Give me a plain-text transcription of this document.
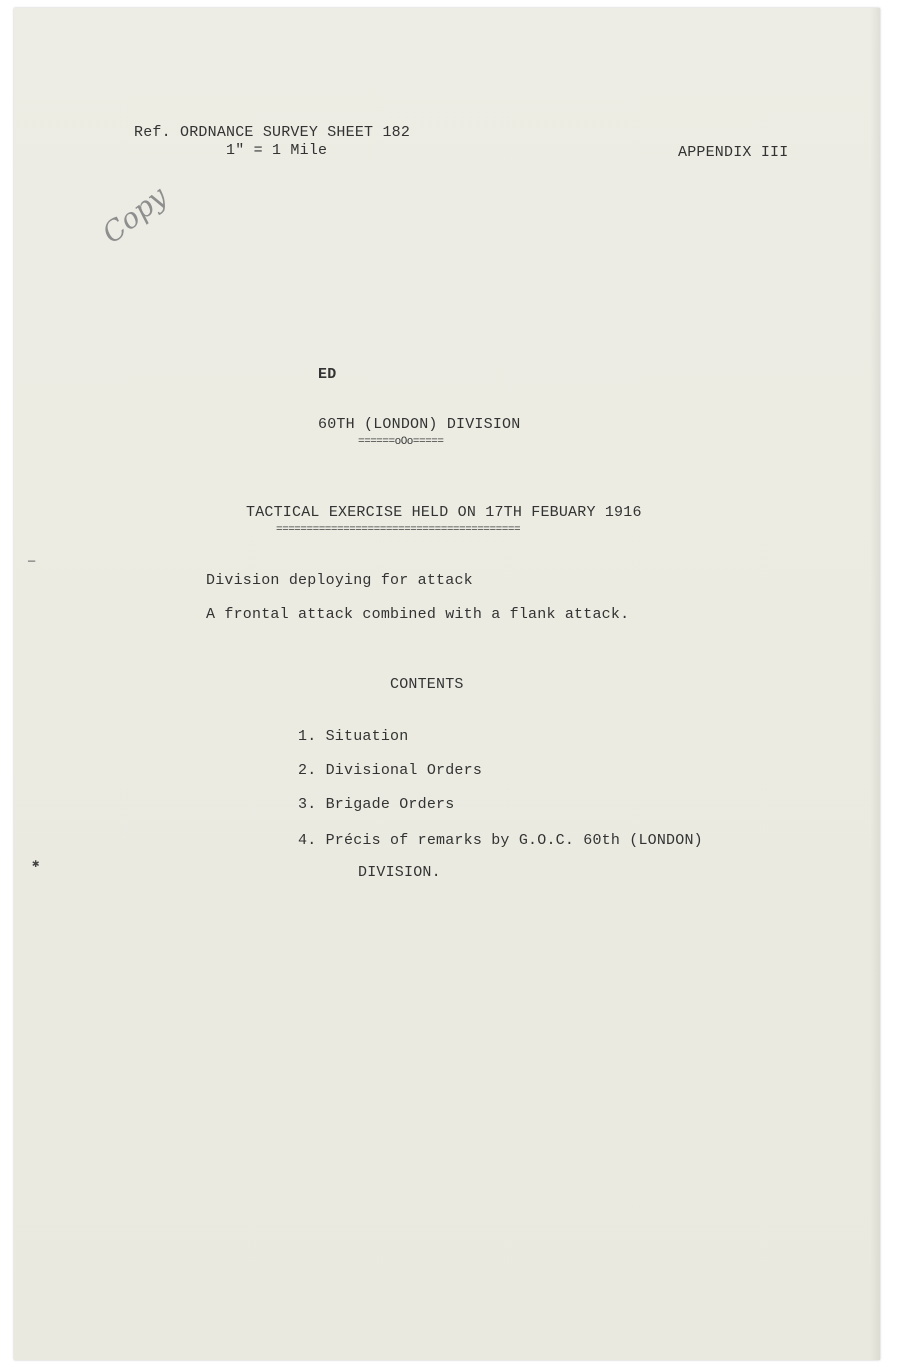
Ref. ORDNANCE SURVEY SHEET 182
1" = 1 Mile	APPENDIX III
Copy
ED
60TH (LONDON) DIVISION
======oOo=====
TACTICAL EXERCISE HELD ON 17TH FEBUARY 1916
========================================
Division deploying for attack
A frontal attack combined with a flank attack.
CONTENTS
1. Situation
2. Divisional Orders
3. Brigade Orders
4. Précis of remarks by G.O.C. 60th (LONDON)
DIVISION.
—
✱
